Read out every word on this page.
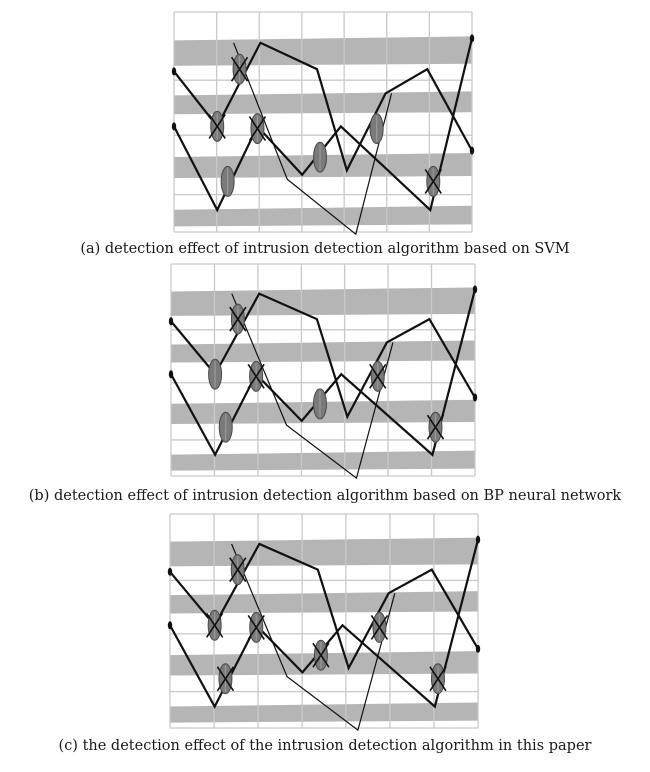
(a) detection effect of intrusion detection algorithm based on SVM
(b) detection effect of intrusion detection algorithm based on BP neural network
(c) the detection effect of the intrusion detection algorithm in this paper
